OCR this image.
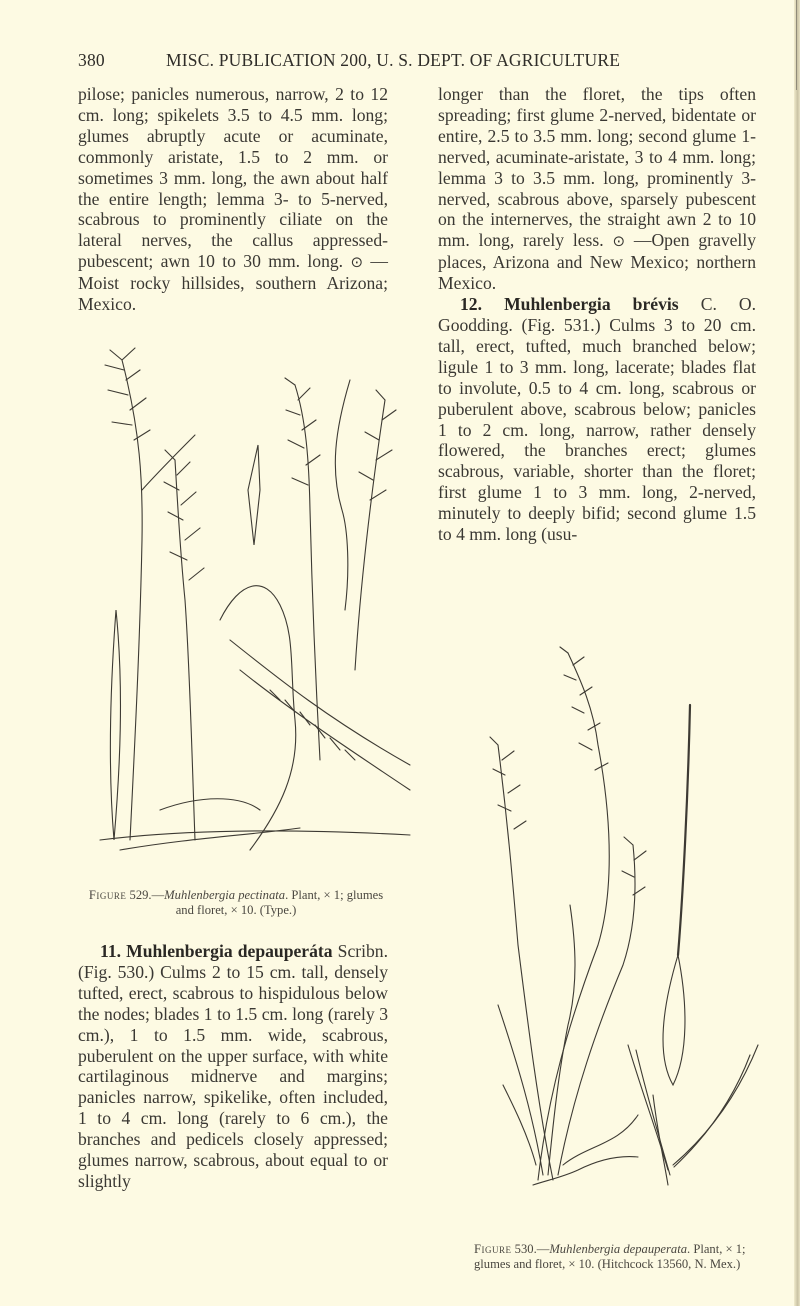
380	MISC. PUBLICATION 200, U. S. DEPT. OF AGRICULTURE

pilose; panicles numerous, narrow, 2 to 12 cm. long; spikelets 3.5 to 4.5 mm. long; glumes abruptly acute or acuminate, commonly aristate, 1.5 to 2 mm. or sometimes 3 mm. long, the awn about half the entire length; lemma 3- to 5-nerved, scabrous to prominently ciliate on the lateral nerves, the callus appressed-pubescent; awn 10 to 30 mm. long. ⊙ —Moist rocky hillsides, southern Arizona; Mexico.

Figure 529.—Muhlenbergia pectinata. Plant, × 1; glumes and floret, × 10. (Type.)

11. Muhlenbergia depauperáta Scribn. (Fig. 530.) Culms 2 to 15 cm. tall, densely tufted, erect, scabrous to hispidulous below the nodes; blades 1 to 1.5 cm. long (rarely 3 cm.), 1 to 1.5 mm. wide, scabrous, puberulent on the upper surface, with white cartilaginous midnerve and margins; panicles narrow, spikelike, often included, 1 to 4 cm. long (rarely to 6 cm.), the branches and pedicels closely appressed; glumes narrow, scabrous, about equal to or slightly

longer than the floret, the tips often spreading; first glume 2-nerved, bidentate or entire, 2.5 to 3.5 mm. long; second glume 1-nerved, acuminate-aristate, 3 to 4 mm. long; lemma 3 to 3.5 mm. long, prominently 3-nerved, scabrous above, sparsely pubescent on the internerves, the straight awn 2 to 10 mm. long, rarely less. ⊙ —Open gravelly places, Arizona and New Mexico; northern Mexico.

12. Muhlenbergia brévis C. O. Goodding. (Fig. 531.) Culms 3 to 20 cm. tall, erect, tufted, much branched below; ligule 1 to 3 mm. long, lacerate; blades flat to involute, 0.5 to 4 cm. long, scabrous or puberulent above, scabrous below; panicles 1 to 2 cm. long, narrow, rather densely flowered, the branches erect; glumes scabrous, variable, shorter than the floret; first glume 1 to 3 mm. long, 2-nerved, minutely to deeply bifid; second glume 1.5 to 4 mm. long (usu-

Figure 530.—Muhlenbergia depauperata. Plant, × 1;
glumes and floret, × 10. (Hitchcock 13560, N. Mex.)
